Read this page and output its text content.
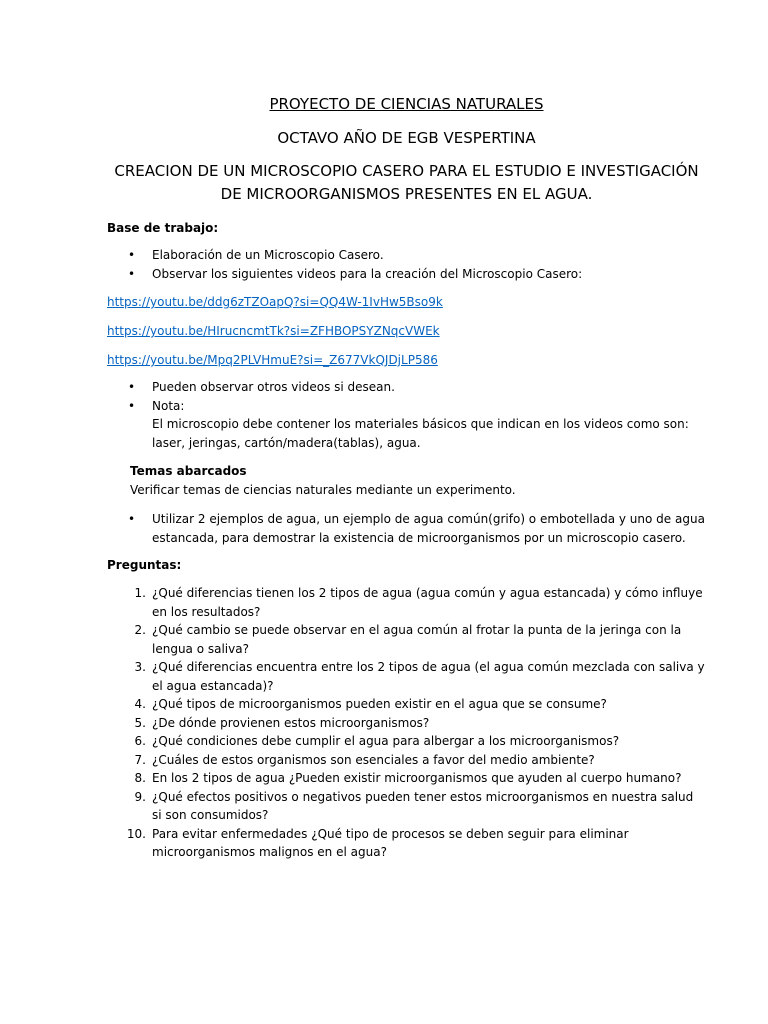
PROYECTO DE CIENCIAS NATURALES
OCTAVO AÑO DE EGB VESPERTINA
CREACION DE UN MICROSCOPIO CASERO PARA EL ESTUDIO E INVESTIGACIÓN DE MICROORGANISMOS PRESENTES EN EL AGUA.
Base de trabajo:
• Elaboración de un Microscopio Casero.
• Observar los siguientes videos para la creación del Microscopio Casero:
https://youtu.be/ddg6zTZOapQ?si=QQ4W-1IvHw5Bso9k
https://youtu.be/HIrucncmtTk?si=ZFHBOPSYZNqcVWEk
https://youtu.be/Mpq2PLVHmuE?si=_Z677VkQJDjLP586
• Pueden observar otros videos si desean.
• Nota:
El microscopio debe contener los materiales básicos que indican en los videos como son: laser, jeringas, cartón/madera(tablas), agua.
Temas abarcados
Verificar temas de ciencias naturales mediante un experimento.
• Utilizar 2 ejemplos de agua, un ejemplo de agua común(grifo) o embotellada y uno de agua estancada, para demostrar la existencia de microorganismos por un microscopio casero.
Preguntas:
1. ¿Qué diferencias tienen los 2 tipos de agua (agua común y agua estancada) y cómo influye en los resultados?
2. ¿Qué cambio se puede observar en el agua común al frotar la punta de la jeringa con la lengua o saliva?
3. ¿Qué diferencias encuentra entre los 2 tipos de agua (el agua común mezclada con saliva y el agua estancada)?
4. ¿Qué tipos de microorganismos pueden existir en el agua que se consume?
5. ¿De dónde provienen estos microorganismos?
6. ¿Qué condiciones debe cumplir el agua para albergar a los microorganismos?
7. ¿Cuáles de estos organismos son esenciales a favor del medio ambiente?
8. En los 2 tipos de agua ¿Pueden existir microorganismos que ayuden al cuerpo humano?
9. ¿Qué efectos positivos o negativos pueden tener estos microorganismos en nuestra salud si son consumidos?
10. Para evitar enfermedades ¿Qué tipo de procesos se deben seguir para eliminar microorganismos malignos en el agua?
